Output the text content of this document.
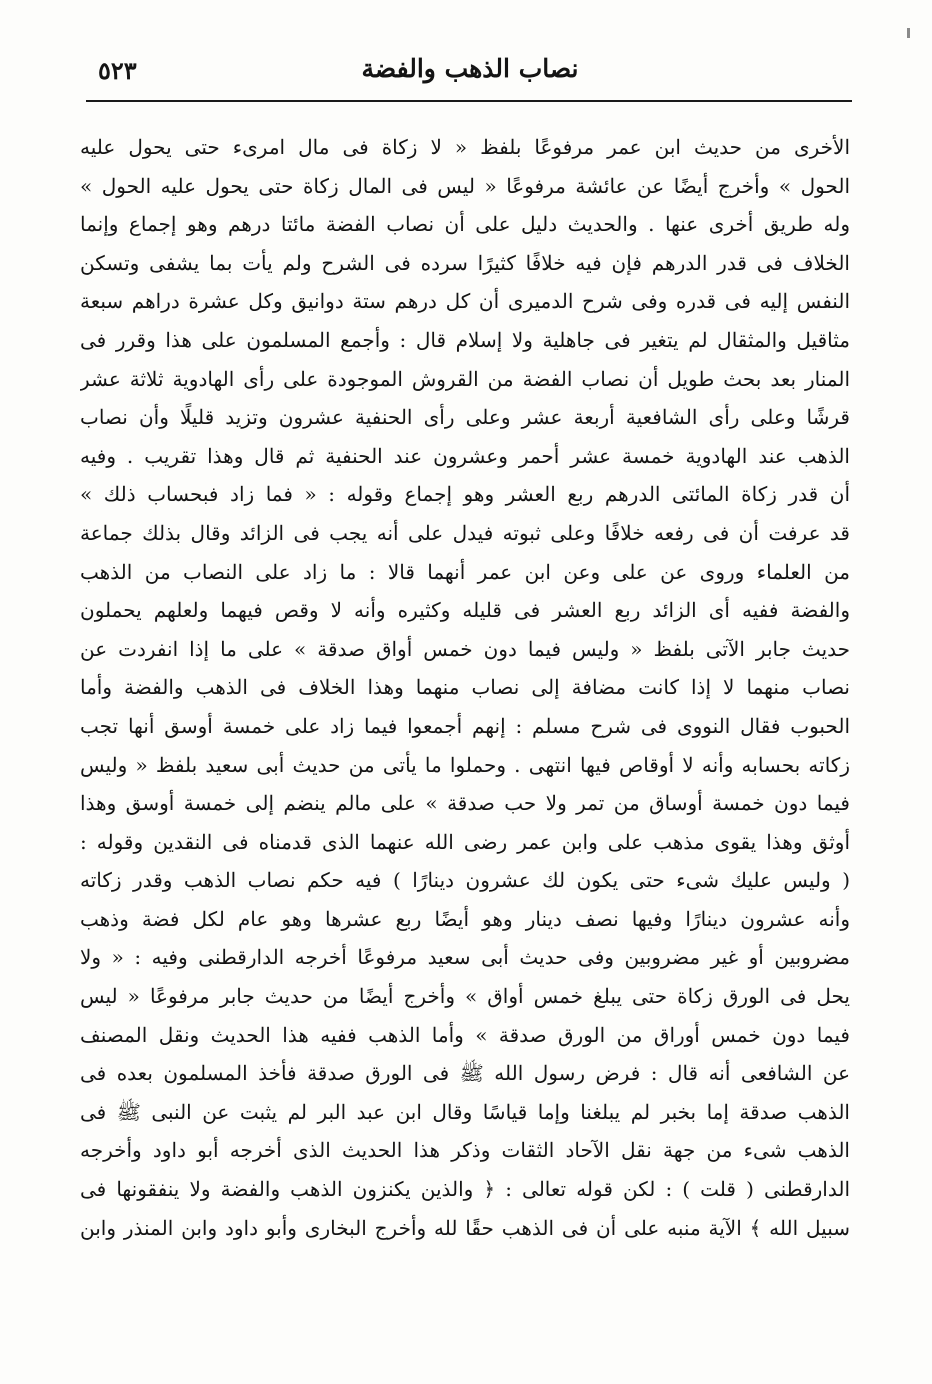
٥٢٣	نصاب الذهب والفضة
الأخرى من حديث ابن عمر مرفوعًا بلفظ « لا زكاة فى مال امرىء حتى يحول عليه
الحول » وأخرج أيضًا عن عائشة مرفوعًا « ليس فى المال زكاة حتى يحول عليه الحول »
وله طريق أخرى عنها . والحديث دليل على أن نصاب الفضة مائتا درهم وهو إجماع وإنما
الخلاف فى قدر الدرهم فإن فيه خلافًا كثيرًا سرده فى الشرح ولم يأت بما يشفى وتسكن
النفس إليه فى قدره وفى شرح الدميرى أن كل درهم ستة دوانيق وكل عشرة دراهم سبعة
مثاقيل والمثقال لم يتغير فى جاهلية ولا إسلام قال : وأجمع المسلمون على هذا وقرر فى
المنار بعد بحث طويل أن نصاب الفضة من القروش الموجودة على رأى الهادوية ثلاثة عشر
قرشًا وعلى رأى الشافعية أربعة عشر وعلى رأى الحنفية عشرون وتزيد قليلًا وأن نصاب
الذهب عند الهادوية خمسة عشر أحمر وعشرون عند الحنفية ثم قال وهذا تقريب . وفيه
أن قدر زكاة المائتى الدرهم ربع العشر وهو إجماع وقوله : « فما زاد فبحساب ذلك »
قد عرفت أن فى رفعه خلافًا وعلى ثبوته فيدل على أنه يجب فى الزائد وقال بذلك جماعة
من العلماء وروى عن على وعن ابن عمر أنهما قالا : ما زاد على النصاب من الذهب
والفضة ففيه أى الزائد ربع العشر فى قليله وكثيره وأنه لا وقص فيهما ولعلهم يحملون
حديث جابر الآتى بلفظ « وليس فيما دون خمس أواق صدقة » على ما إذا انفردت عن
نصاب منهما لا إذا كانت مضافة إلى نصاب منهما وهذا الخلاف فى الذهب والفضة وأما
الحبوب فقال النووى فى شرح مسلم : إنهم أجمعوا فيما زاد على خمسة أوسق أنها تجب
زكاته بحسابه وأنه لا أوقاص فيها انتهى . وحملوا ما يأتى من حديث أبى سعيد بلفظ « وليس
فيما دون خمسة أوساق من تمر ولا حب صدقة » على مالم ينضم إلى خمسة أوسق وهذا
أوثق وهذا يقوى مذهب على وابن عمر رضى الله عنهما الذى قدمناه فى النقدين وقوله :
( وليس عليك شىء حتى يكون لك عشرون دينارًا ) فيه حكم نصاب الذهب وقدر زكاته
وأنه عشرون دينارًا وفيها نصف دينار وهو أيضًا ربع عشرها وهو عام لكل فضة وذهب
مضروبين أو غير مضروبين وفى حديث أبى سعيد مرفوعًا أخرجه الدارقطنى وفيه : « ولا
يحل فى الورق زكاة حتى يبلغ خمس أواق » وأخرج أيضًا من حديث جابر مرفوعًا « ليس
فيما دون خمس أوراق من الورق صدقة » وأما الذهب ففيه هذا الحديث ونقل المصنف
عن الشافعى أنه قال : فرض رسول الله ﷺ فى الورق صدقة فأخذ المسلمون بعده فى
الذهب صدقة إما بخبر لم يبلغنا وإما قياسًا وقال ابن عبد البر لم يثبت عن النبى ﷺ فى
الذهب شىء من جهة نقل الآحاد الثقات وذكر هذا الحديث الذى أخرجه أبو داود وأخرجه
الدارقطنى ( قلت ) : لكن قوله تعالى : ﴿ والذين يكنزون الذهب والفضة ولا ينفقونها فى
سبيل الله ﴾ الآية منبه على أن فى الذهب حقًا لله وأخرج البخارى وأبو داود وابن المنذر وابن
